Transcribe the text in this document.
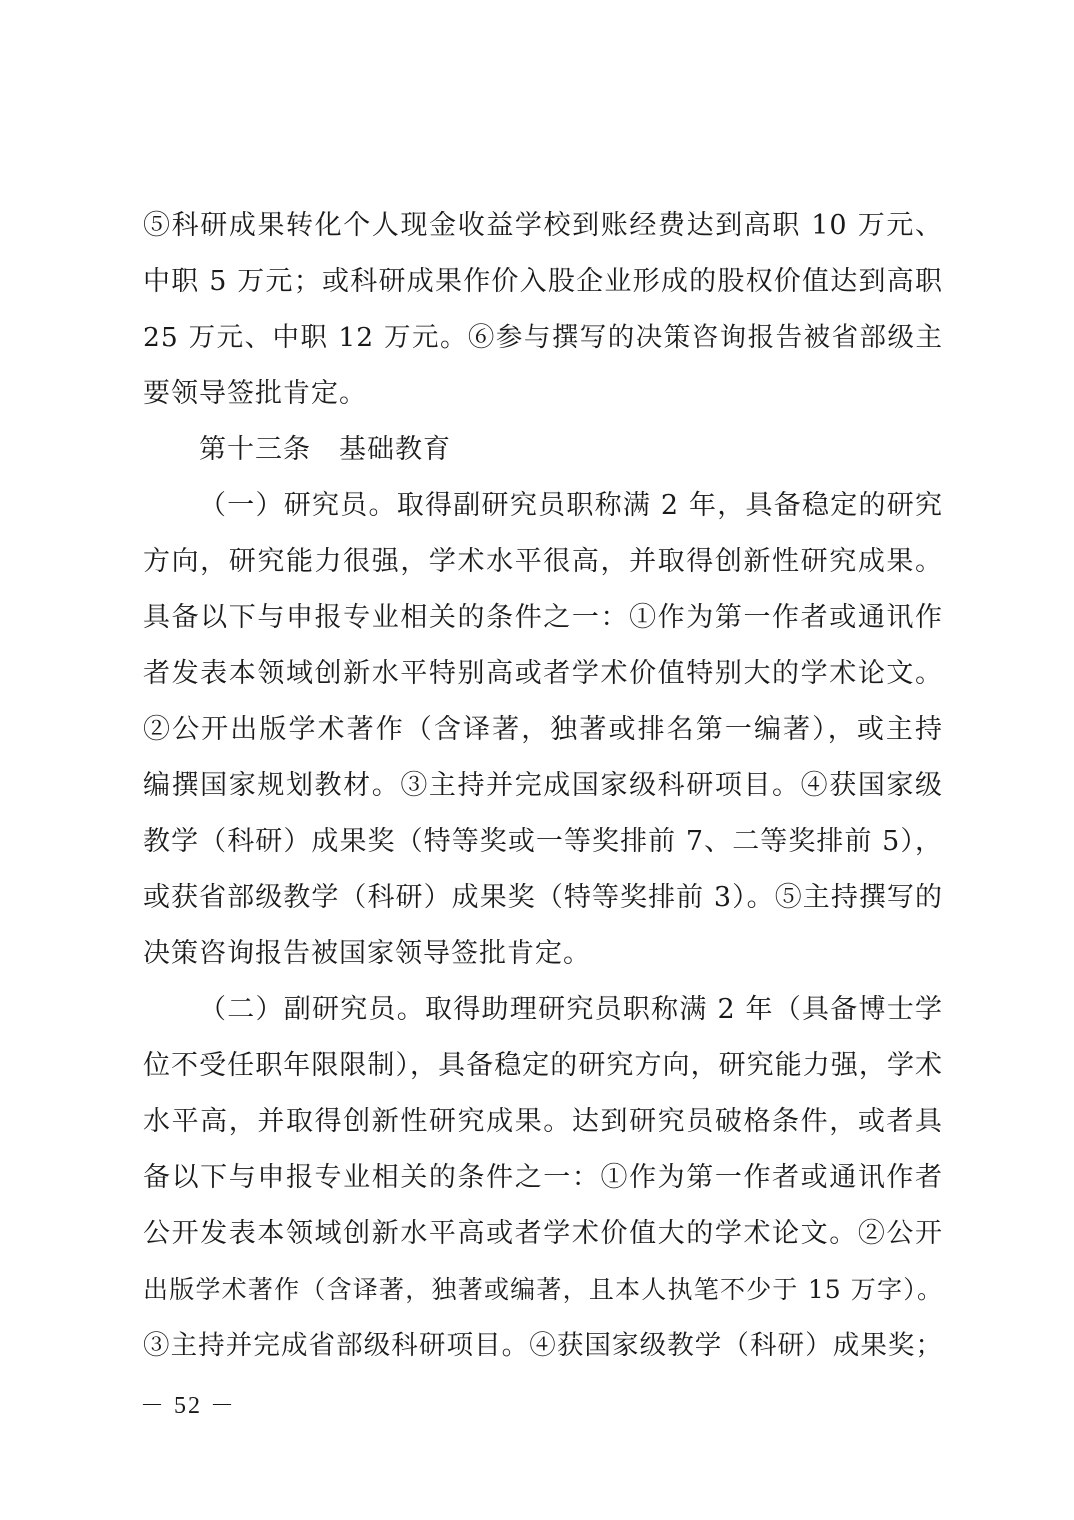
⑤科研成果转化个人现金收益学校到账经费达到高职 10 万元、
中职 5 万元；或科研成果作价入股企业形成的股权价值达到高职
25 万元、中职 12 万元。⑥参与撰写的决策咨询报告被省部级主
要领导签批肯定。
第十三条　基础教育
（一）研究员。取得副研究员职称满 2 年，具备稳定的研究
方向，研究能力很强，学术水平很高，并取得创新性研究成果。
具备以下与申报专业相关的条件之一：①作为第一作者或通讯作
者发表本领域创新水平特别高或者学术价值特别大的学术论文。
②公开出版学术著作（含译著，独著或排名第一编著），或主持
编撰国家规划教材。③主持并完成国家级科研项目。④获国家级
教学（科研）成果奖（特等奖或一等奖排前 7、二等奖排前 5），
或获省部级教学（科研）成果奖（特等奖排前 3）。⑤主持撰写的
决策咨询报告被国家领导签批肯定。
（二）副研究员。取得助理研究员职称满 2 年（具备博士学
位不受任职年限限制），具备稳定的研究方向，研究能力强，学术
水平高，并取得创新性研究成果。达到研究员破格条件，或者具
备以下与申报专业相关的条件之一：①作为第一作者或通讯作者
公开发表本领域创新水平高或者学术价值大的学术论文。②公开
出版学术著作（含译著，独著或编著，且本人执笔不少于 15 万字）。
③主持并完成省部级科研项目。④获国家级教学（科研）成果奖；
－ 52 －
